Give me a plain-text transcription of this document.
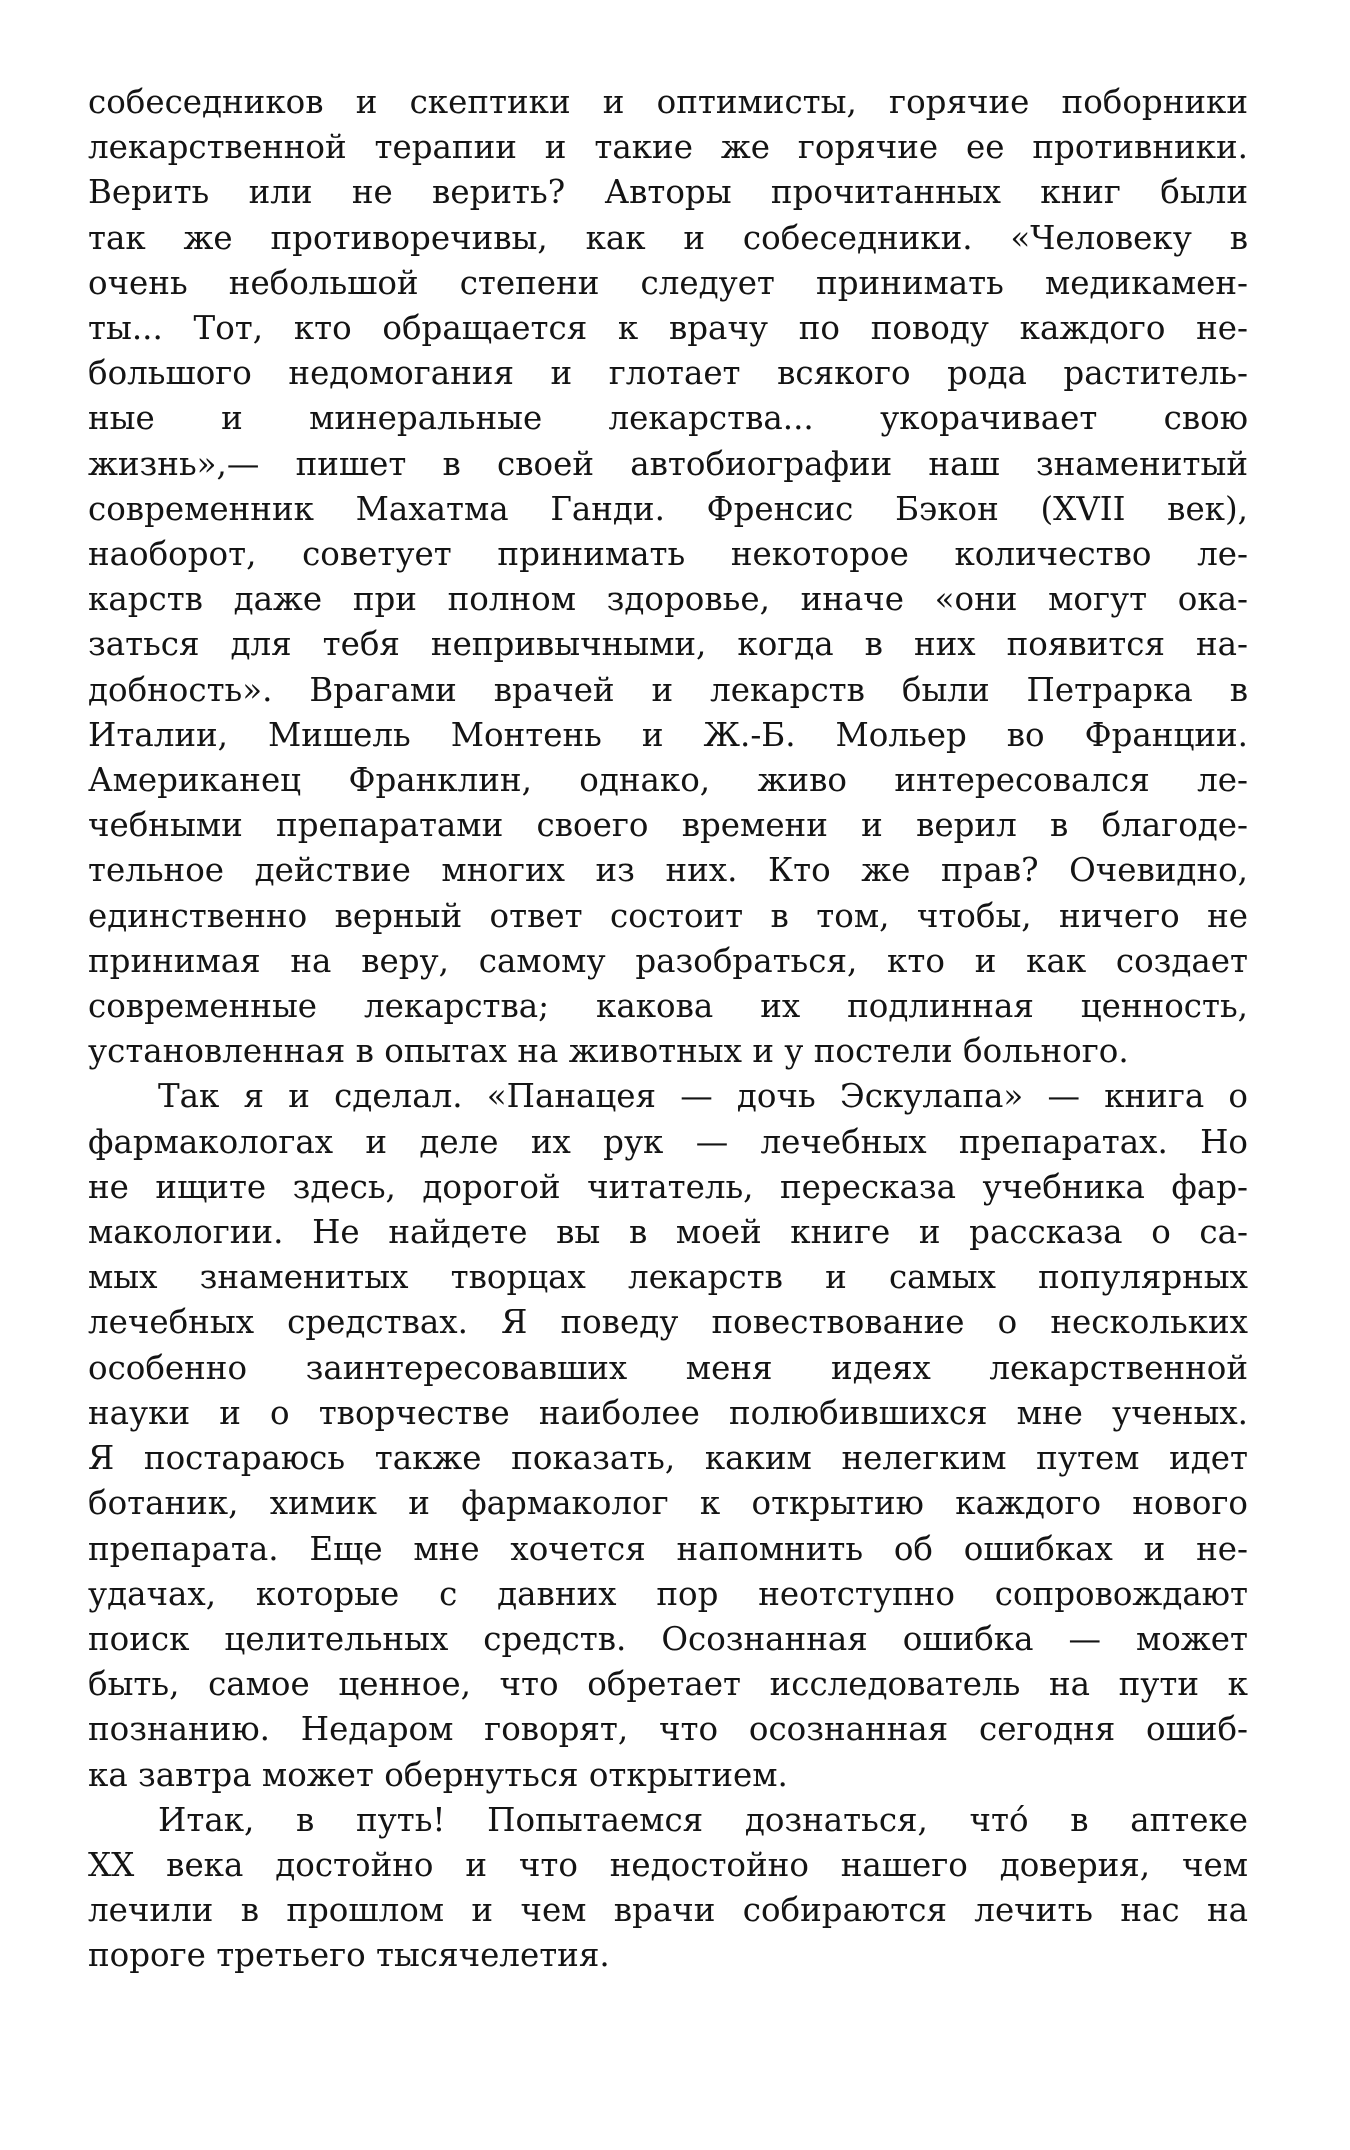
собеседников и скептики и оптимисты, горячие поборники
лекарственной терапии и такие же горячие ее противники.
Верить или не верить? Авторы прочитанных книг были
так же противоречивы, как и собеседники. «Человеку в
очень небольшой степени следует принимать медикамен-
ты... Тот, кто обращается к врачу по поводу каждого не-
большого недомогания и глотает всякого рода раститель-
ные и минеральные лекарства... укорачивает свою
жизнь»,— пишет в своей автобиографии наш знаменитый
современник Махатма Ганди. Френсис Бэкон (XVII век),
наоборот, советует принимать некоторое количество ле-
карств даже при полном здоровье, иначе «они могут ока-
заться для тебя непривычными, когда в них появится на-
добность». Врагами врачей и лекарств были Петрарка в
Италии, Мишель Монтень и Ж.-Б. Мольер во Франции.
Американец Франклин, однако, живо интересовался ле-
чебными препаратами своего времени и верил в благоде-
тельное действие многих из них. Кто же прав? Очевидно,
единственно верный ответ состоит в том, чтобы, ничего не
принимая на веру, самому разобраться, кто и как создает
современные лекарства; какова их подлинная ценность,
установленная в опытах на животных и у постели больного.

Так я и сделал. «Панацея — дочь Эскулапа» — книга о
фармакологах и деле их рук — лечебных препаратах. Но
не ищите здесь, дорогой читатель, пересказа учебника фар-
макологии. Не найдете вы в моей книге и рассказа о са-
мых знаменитых творцах лекарств и самых популярных
лечебных средствах. Я поведу повествование о нескольких
особенно заинтересовавших меня идеях лекарственной
науки и о творчестве наиболее полюбившихся мне ученых.
Я постараюсь также показать, каким нелегким путем идет
ботаник, химик и фармаколог к открытию каждого нового
препарата. Еще мне хочется напомнить об ошибках и не-
удачах, которые с давних пор неотступно сопровождают
поиск целительных средств. Осознанная ошибка — может
быть, самое ценное, что обретает исследователь на пути к
познанию. Недаром говорят, что осознанная сегодня ошиб-
ка завтра может обернуться открытием.

Итак, в путь! Попытаемся дознаться, что́ в аптеке
XX века достойно и что недостойно нашего доверия, чем
лечили в прошлом и чем врачи собираются лечить нас на
пороге третьего тысячелетия.
